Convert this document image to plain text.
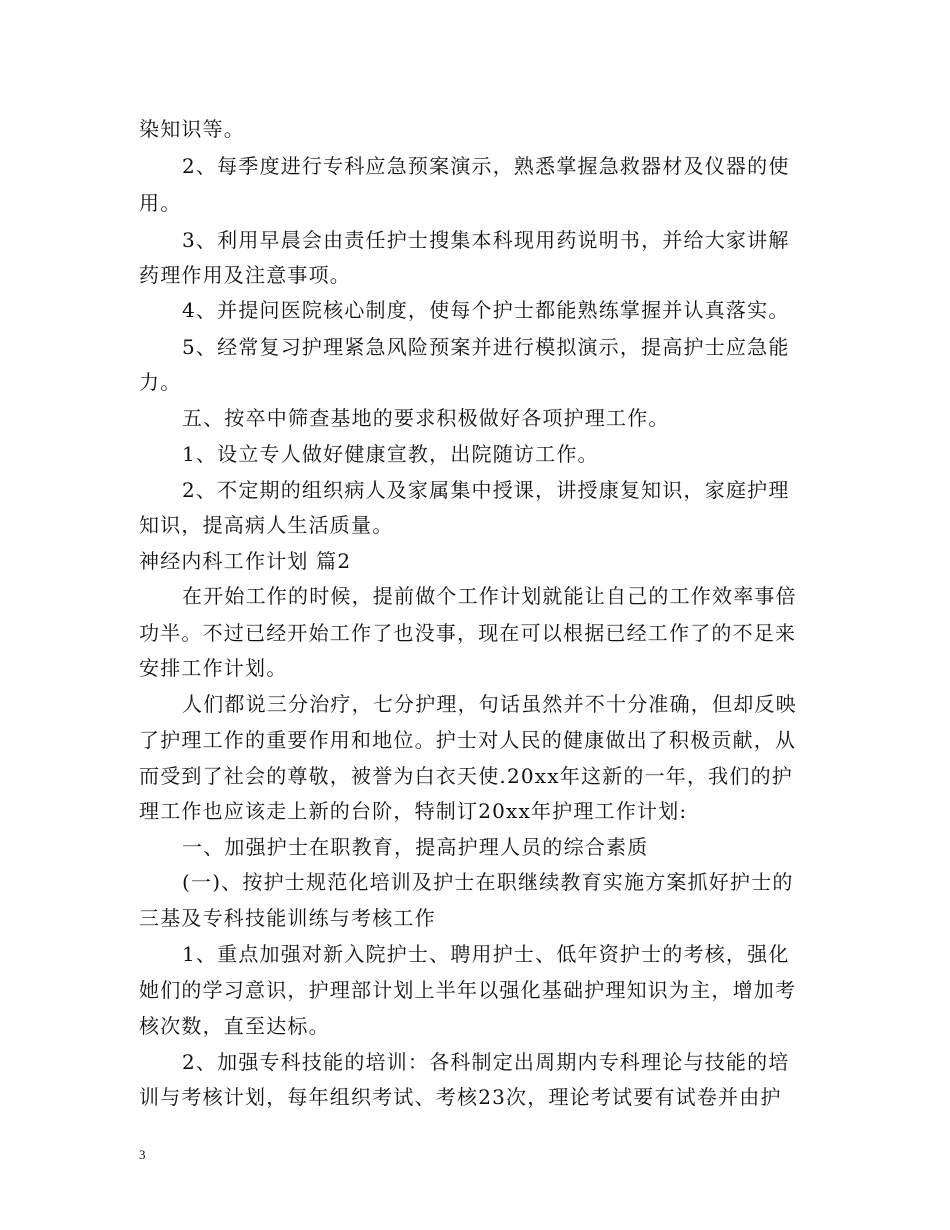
染知识等。
2、每季度进行专科应急预案演示，熟悉掌握急救器材及仪器的使
用。
3、利用早晨会由责任护士搜集本科现用药说明书，并给大家讲解
药理作用及注意事项。
4、并提问医院核心制度，使每个护士都能熟练掌握并认真落实。
5、经常复习护理紧急风险预案并进行模拟演示，提高护士应急能
力。
五、按卒中筛查基地的要求积极做好各项护理工作。
1、设立专人做好健康宣教，出院随访工作。
2、不定期的组织病人及家属集中授课，讲授康复知识，家庭护理
知识，提高病人生活质量。
神经内科工作计划 篇2
在开始工作的时候，提前做个工作计划就能让自己的工作效率事倍
功半。不过已经开始工作了也没事，现在可以根据已经工作了的不足来
安排工作计划。
人们都说三分治疗，七分护理，句话虽然并不十分准确，但却反映
了护理工作的重要作用和地位。护士对人民的健康做出了积极贡献，从
而受到了社会的尊敬，被誉为白衣天使.20xx年这新的一年，我们的护
理工作也应该走上新的台阶，特制订20xx年护理工作计划:
一、加强护士在职教育，提高护理人员的综合素质
(一)、按护士规范化培训及护士在职继续教育实施方案抓好护士的
三基及专科技能训练与考核工作
1、重点加强对新入院护士、聘用护士、低年资护士的考核，强化
她们的学习意识，护理部计划上半年以强化基础护理知识为主，增加考
核次数，直至达标。
2、加强专科技能的培训：各科制定出周期内专科理论与技能的培
训与考核计划，每年组织考试、考核23次，理论考试要有试卷并由护
3
